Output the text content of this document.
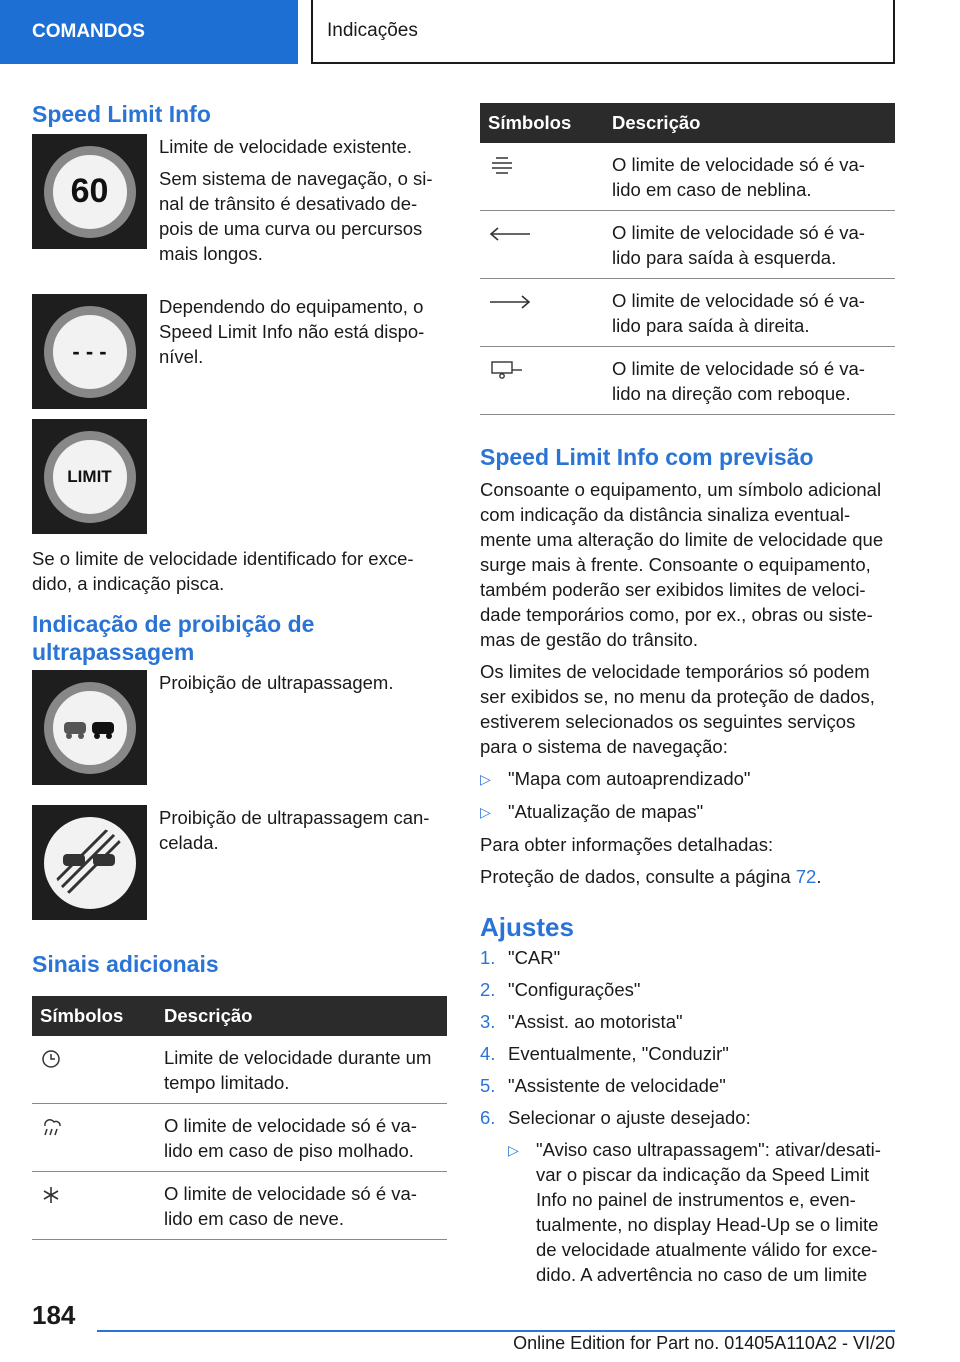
COMANDOS	Indicações
Speed Limit Info
60

Limite de velocidade existente.

Sem sistema de navegação, o si-nal de trânsito é desativado de-pois de uma curva ou percursos mais longos.

- - -

Dependendo do equipamento, o Speed Limit Info não está dispo-nível.

LIMIT

Se o limite de velocidade identificado for exce-dido, a indicação pisca.

Indicação de proibição de ultrapassagem

Proibição de ultrapassagem.

Proibição de ultrapassagem can-celada.

Sinais adicionais
Símbolos	Descrição
	Limite de velocidade durante um tempo limitado.
	O limite de velocidade só é va-lido em caso de piso molhado.
	O limite de velocidade só é va-lido em caso de neve.
Símbolos	Descrição
	O limite de velocidade só é va-lido em caso de neblina.
	O limite de velocidade só é va-lido para saída à esquerda.
	O limite de velocidade só é va-lido para saída à direita.
	O limite de velocidade só é va-lido na direção com reboque.
Speed Limit Info com previsão

Consoante o equipamento, um símbolo adicional com indicação da distância sinaliza eventual-mente uma alteração do limite de velocidade que surge mais à frente. Consoante o equipamento, também poderão ser exibidos limites de veloci-dade temporários como, por ex., obras ou siste-mas de gestão do trânsito.

Os limites de velocidade temporários só podem ser exibidos se, no menu da proteção de dados, estiverem selecionados os seguintes serviços para o sistema de navegação:

▷ "Mapa com autoaprendizado"
▷ "Atualização de mapas"

Para obter informações detalhadas:

Proteção de dados, consulte a página 72.

Ajustes
1. "CAR"
2. "Configurações"
3. "Assist. ao motorista"
4. Eventualmente, "Conduzir"
5. "Assistente de velocidade"
6. Selecionar o ajuste desejado:
▷ "Aviso caso ultrapassagem": ativar/desati-var o piscar da indicação da Speed Limit Info no painel de instrumentos e, even-tualmente, no display Head-Up se o limite de velocidade atualmente válido for exce-dido. A advertência no caso de um limite
184
Online Edition for Part no. 01405A110A2 - VI/20
